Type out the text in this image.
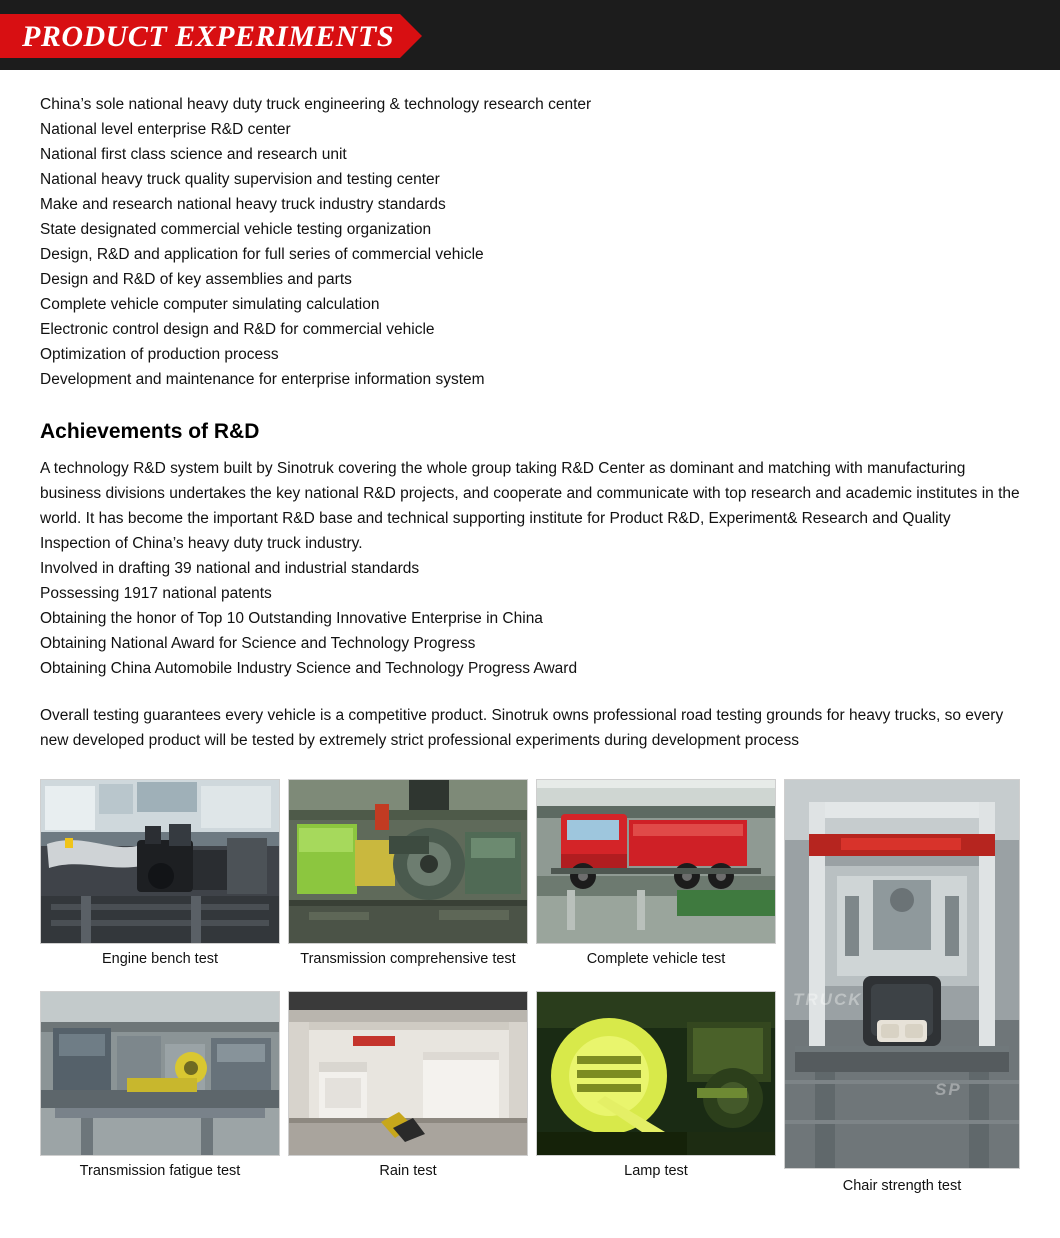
PRODUCT EXPERIMENTS
China’s sole national heavy duty truck engineering & technology research center
National level enterprise R&D center
National first class science and research unit
National heavy truck quality supervision and testing center
Make and research national heavy truck industry standards
State designated commercial vehicle testing organization
Design, R&D and application for full series of commercial vehicle
Design and R&D of key assemblies and parts
Complete vehicle computer simulating calculation
Electronic control design and R&D for commercial vehicle
Optimization of production process
Development and maintenance for enterprise information system
Achievements of R&D

A technology R&D system built by Sinotruk covering the whole group taking R&D Center as dominant and matching with manufacturing business divisions undertakes the key national R&D projects, and cooperate and communicate with top research and academic institutes in the world. It has become the important R&D base and technical supporting institute for Product R&D, Experiment& Research and Quality Inspection of China’s heavy duty truck industry.

Involved in drafting 39 national and industrial standards
Possessing 1917 national patents
Obtaining the honor of Top 10 Outstanding Innovative Enterprise in China
Obtaining National Award for Science and Technology Progress
Obtaining China Automobile Industry Science and Technology Progress Award

Overall testing guarantees every vehicle is a competitive product. Sinotruk owns professional road testing grounds for heavy trucks, so every new developed product will be tested by extremely strict professional experiments during development process

Engine bench test	Transmission comprehensive test	Complete vehicle test
TRUCK
SP
Chair strength test
Transmission fatigue test	Rain test	Lamp test
